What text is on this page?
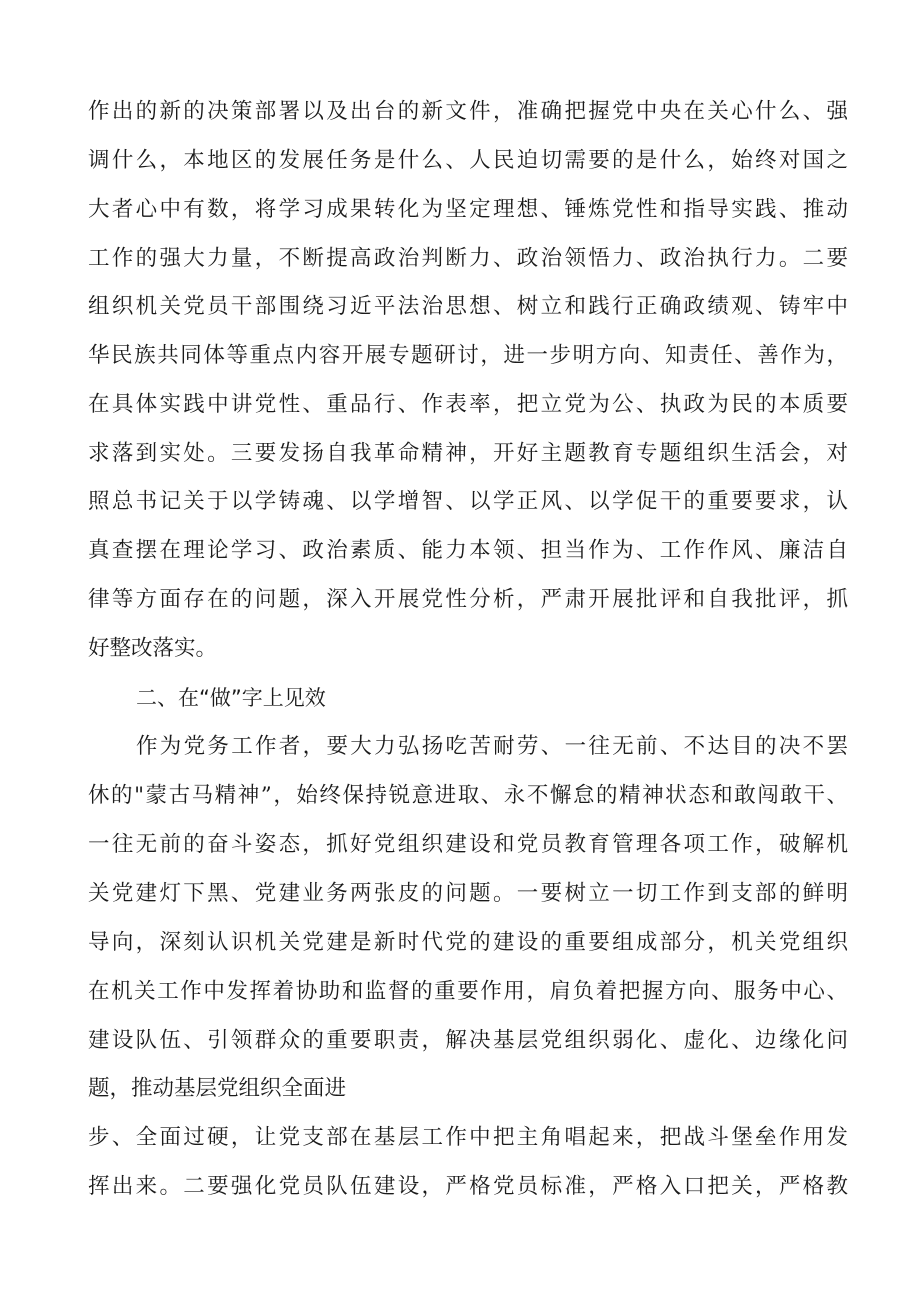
作出的新的决策部署以及出台的新文件，准确把握党中央在关心什么、强
调什么，本地区的发展任务是什么、人民迫切需要的是什么，始终对国之
大者心中有数，将学习成果转化为坚定理想、锤炼党性和指导实践、推动
工作的强大力量，不断提高政治判断力、政治领悟力、政治执行力。二要
组织机关党员干部围绕习近平法治思想、树立和践行正确政绩观、铸牢中
华民族共同体等重点内容开展专题研讨，进一步明方向、知责任、善作为，
在具体实践中讲党性、重品行、作表率，把立党为公、执政为民的本质要
求落到实处。三要发扬自我革命精神，开好主题教育专题组织生活会，对
照总书记关于以学铸魂、以学增智、以学正风、以学促干的重要要求，认
真查摆在理论学习、政治素质、能力本领、担当作为、工作作风、廉洁自
律等方面存在的问题，深入开展党性分析，严肃开展批评和自我批评，抓
好整改落实。
二、在“做”字上见效
作为党务工作者，要大力弘扬吃苦耐劳、一往无前、不达目的决不罢
休的"蒙古马精神”，始终保持锐意进取、永不懈怠的精神状态和敢闯敢干、
一往无前的奋斗姿态，抓好党组织建设和党员教育管理各项工作，破解机
关党建灯下黑、党建业务两张皮的问题。一要树立一切工作到支部的鲜明
导向，深刻认识机关党建是新时代党的建设的重要组成部分，机关党组织
在机关工作中发挥着协助和监督的重要作用，肩负着把握方向、服务中心、
建设队伍、引领群众的重要职责，解决基层党组织弱化、虚化、边缘化问
题，推动基层党组织全面进
步、全面过硬，让党支部在基层工作中把主角唱起来，把战斗堡垒作用发
挥出来。二要强化党员队伍建设，严格党员标准，严格入口把关，严格教
